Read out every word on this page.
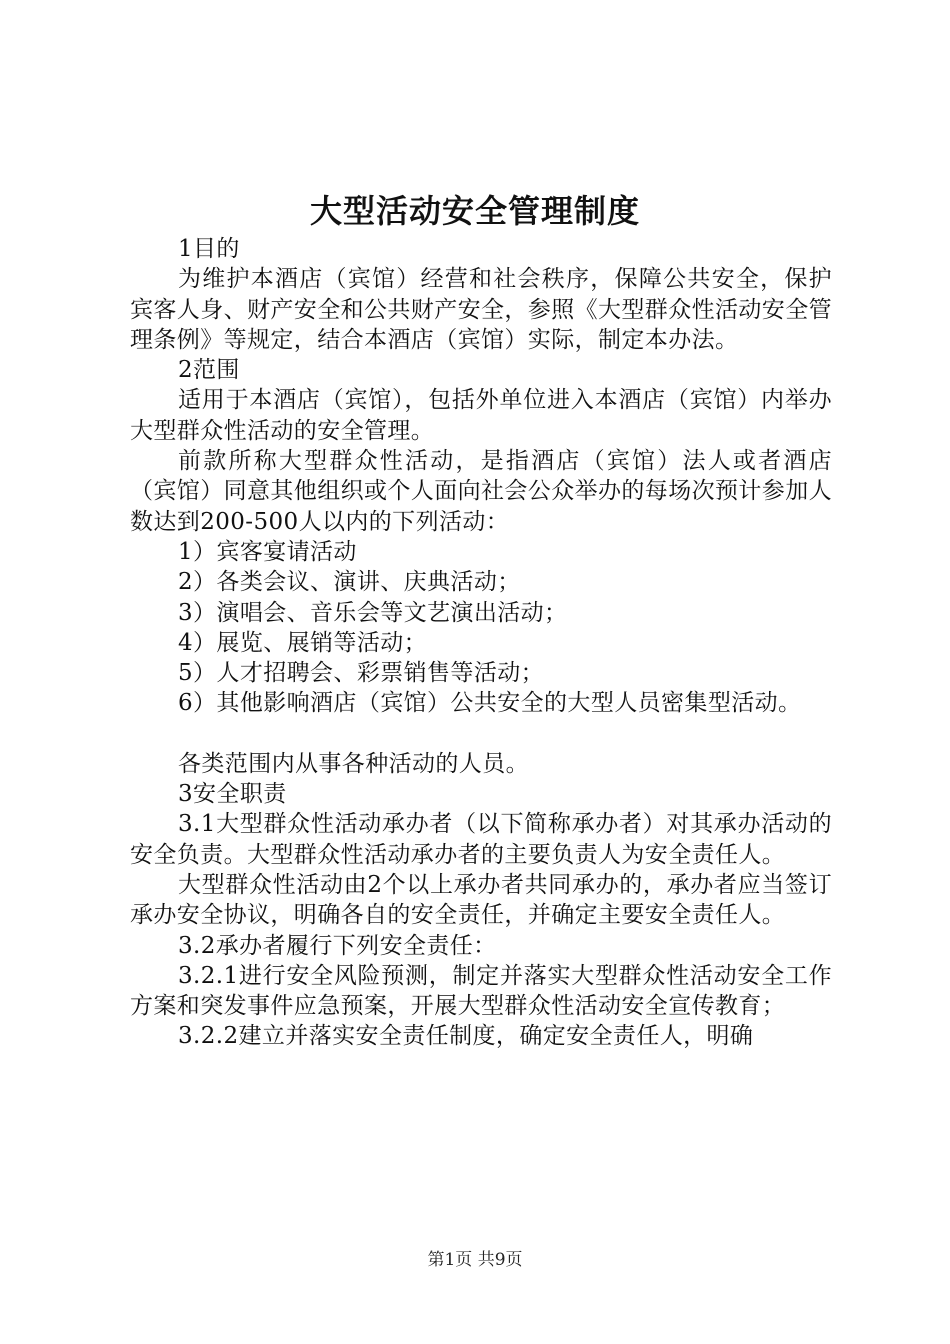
大型活动安全管理制度

1目的

为维护本酒店（宾馆）经营和社会秩序，保障公共安全，保护宾客人身、财产安全和公共财产安全，参照《大型群众性活动安全管理条例》等规定，结合本酒店（宾馆）实际，制定本办法。

2范围

适用于本酒店（宾馆），包括外单位进入本酒店（宾馆）内举办大型群众性活动的安全管理。

前款所称大型群众性活动，是指酒店（宾馆）法人或者酒店（宾馆）同意其他组织或个人面向社会公众举办的每场次预计参加人数达到200-500人以内的下列活动：

1）宾客宴请活动

2）各类会议、演讲、庆典活动；

3）演唱会、音乐会等文艺演出活动；

4）展览、展销等活动；

5）人才招聘会、彩票销售等活动；

6）其他影响酒店（宾馆）公共安全的大型人员密集型活动。

各类范围内从事各种活动的人员。

3安全职责

3.1大型群众性活动承办者（以下简称承办者）对其承办活动的安全负责。大型群众性活动承办者的主要负责人为安全责任人。

大型群众性活动由2个以上承办者共同承办的，承办者应当签订承办安全协议，明确各自的安全责任，并确定主要安全责任人。

3.2承办者履行下列安全责任：

3.2.1进行安全风险预测，制定并落实大型群众性活动安全工作方案和突发事件应急预案，开展大型群众性活动安全宣传教育；

3.2.2建立并落实安全责任制度，确定安全责任人，明确

第1页 共9页
